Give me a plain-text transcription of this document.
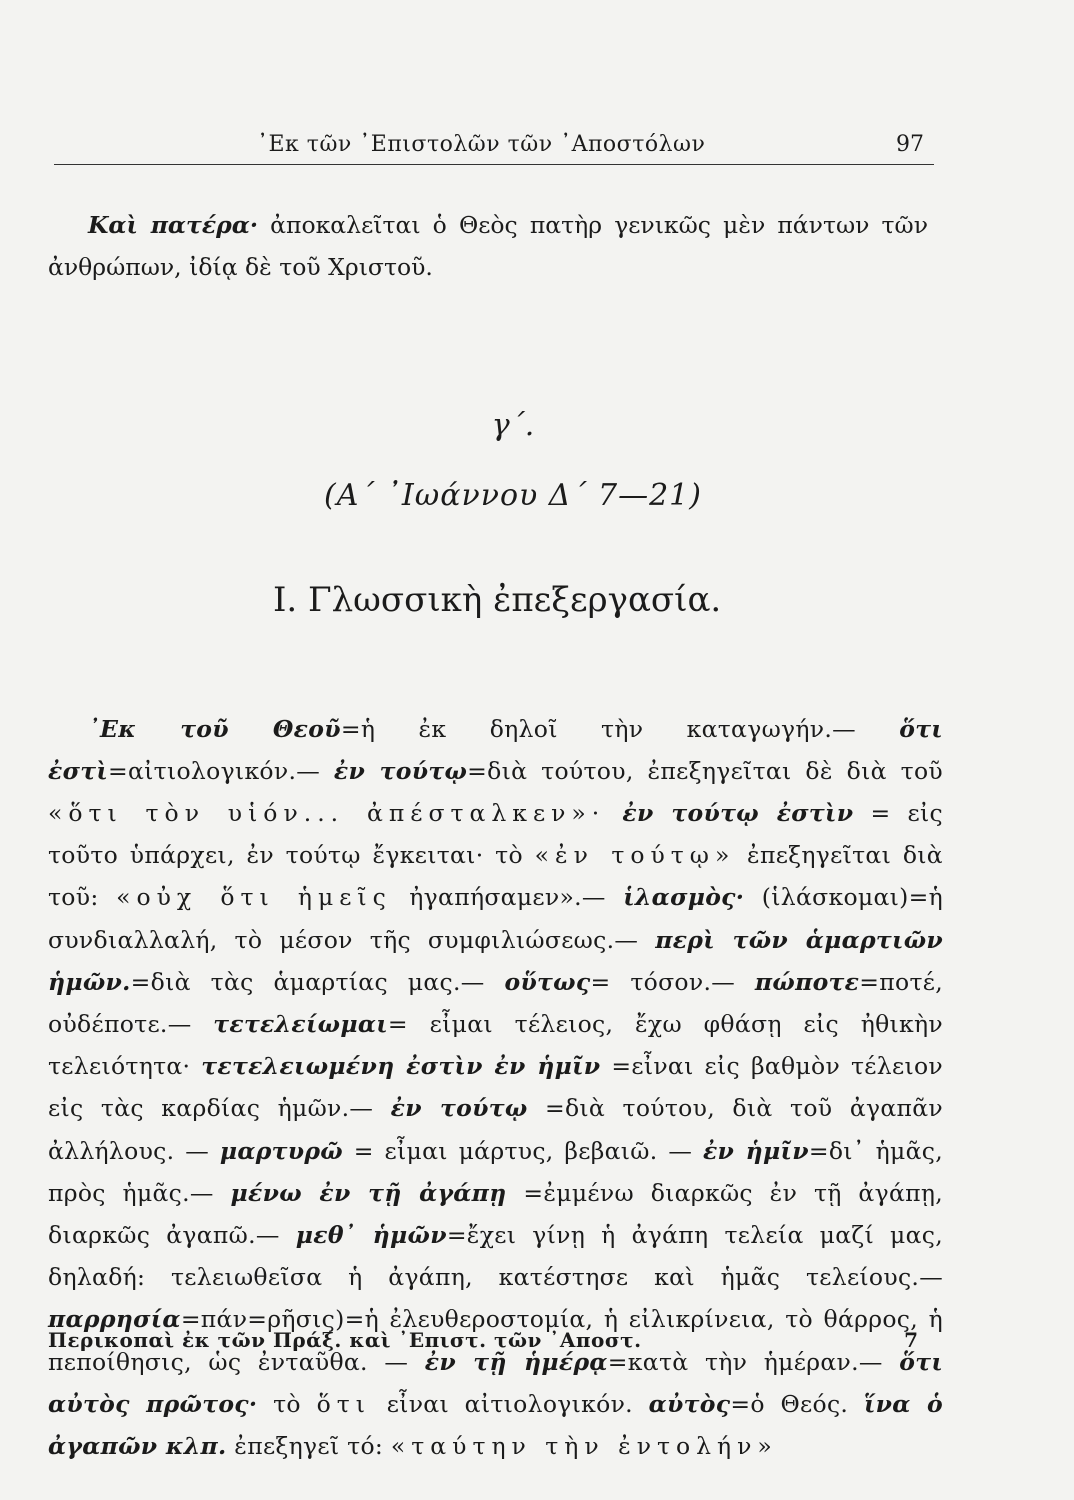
᾿Εκ τῶν ᾿Επιστολῶν τῶν ᾿Αποστόλων	97

Καὶ πατέρα· ἀποκαλεῖται ὁ Θεὸς πατὴρ γενικῶς μὲν πάντων τῶν ἀνθρώπων, ἰδίᾳ δὲ τοῦ Χριστοῦ.

γ΄.
(Α΄ ᾿Ιωάννου Δ΄ 7—21)
Ι. Γλωσσικὴ ἐπεξεργασία.

᾿Εκ τοῦ Θεοῦ=ἡ ἐκ δηλοῖ τὴν καταγωγήν.— ὅτι ἐστὶ=αἰτιολογικόν.— ἐν τούτῳ=διὰ τούτου, ἐπεξηγεῖται δὲ διὰ τοῦ «ὅτι τὸν υἱόν... ἀπέσταλκεν»· ἐν τούτῳ ἐστὶν = εἰς τοῦτο ὑπάρχει, ἐν τούτῳ ἔγκειται· τὸ «ἐν τούτῳ» ἐπεξηγεῖται διὰ τοῦ: «οὐχ ὅτι ἡμεῖς ἠγαπήσαμεν».— ἱλασμὸς· (ἱλάσκομαι)=ἡ συνδιαλλαλή, τὸ μέσον τῆς συμφιλιώσεως.— περὶ τῶν ἁμαρτιῶν ἡμῶν.=διὰ τὰς ἁμαρτίας μας.— οὕτως= τόσον.— πώποτε=ποτέ, οὐδέποτε.— τετελείωμαι= εἶμαι τέλειος, ἔχω φθάσῃ εἰς ἠθικὴν τελειότητα· τετελειωμένη ἐστὶν ἐν ἡμῖν =εἶναι εἰς βαθμὸν τέλειον εἰς τὰς καρδίας ἡμῶν.— ἐν τούτῳ =διὰ τούτου, διὰ τοῦ ἀγαπᾶν ἀλλήλους. — μαρτυρῶ = εἶμαι μάρτυς, βεβαιῶ. — ἐν ἡμῖν=δι᾿ ἡμᾶς, πρὸς ἡμᾶς.— μένω ἐν τῇ ἀγάπῃ =ἐμμένω διαρκῶς ἐν τῇ ἀγάπῃ, διαρκῶς ἀγαπῶ.— μεθ᾿ ἡμῶν=ἔχει γίνῃ ἡ ἀγάπη τελεία μαζί μας, δηλαδή: τελειωθεῖσα ἡ ἀγάπη, κατέστησε καὶ ἡμᾶς τελείους.— παρρησία=πάν=ρῆσις)=ἡ ἐλευθεροστομία, ἡ εἰλικρίνεια, τὸ θάρρος, ἡ πεποίθησις, ὡς ἐνταῦθα. — ἐν τῇ ἡμέρᾳ=κατὰ τὴν ἡμέραν.— ὅτι αὐτὸς πρῶτος· τὸ ὅτι εἶναι αἰτιολογικόν. αὐτὸς=ὁ Θεός. ἵνα ὁ ἀγαπῶν κλπ. ἐπεξηγεῖ τό: «ταύτην τὴν ἐντολήν»

Περικοπαὶ ἐκ τῶν Πράξ. καὶ ᾿Επιστ. τῶν ᾿Αποστ.	7
